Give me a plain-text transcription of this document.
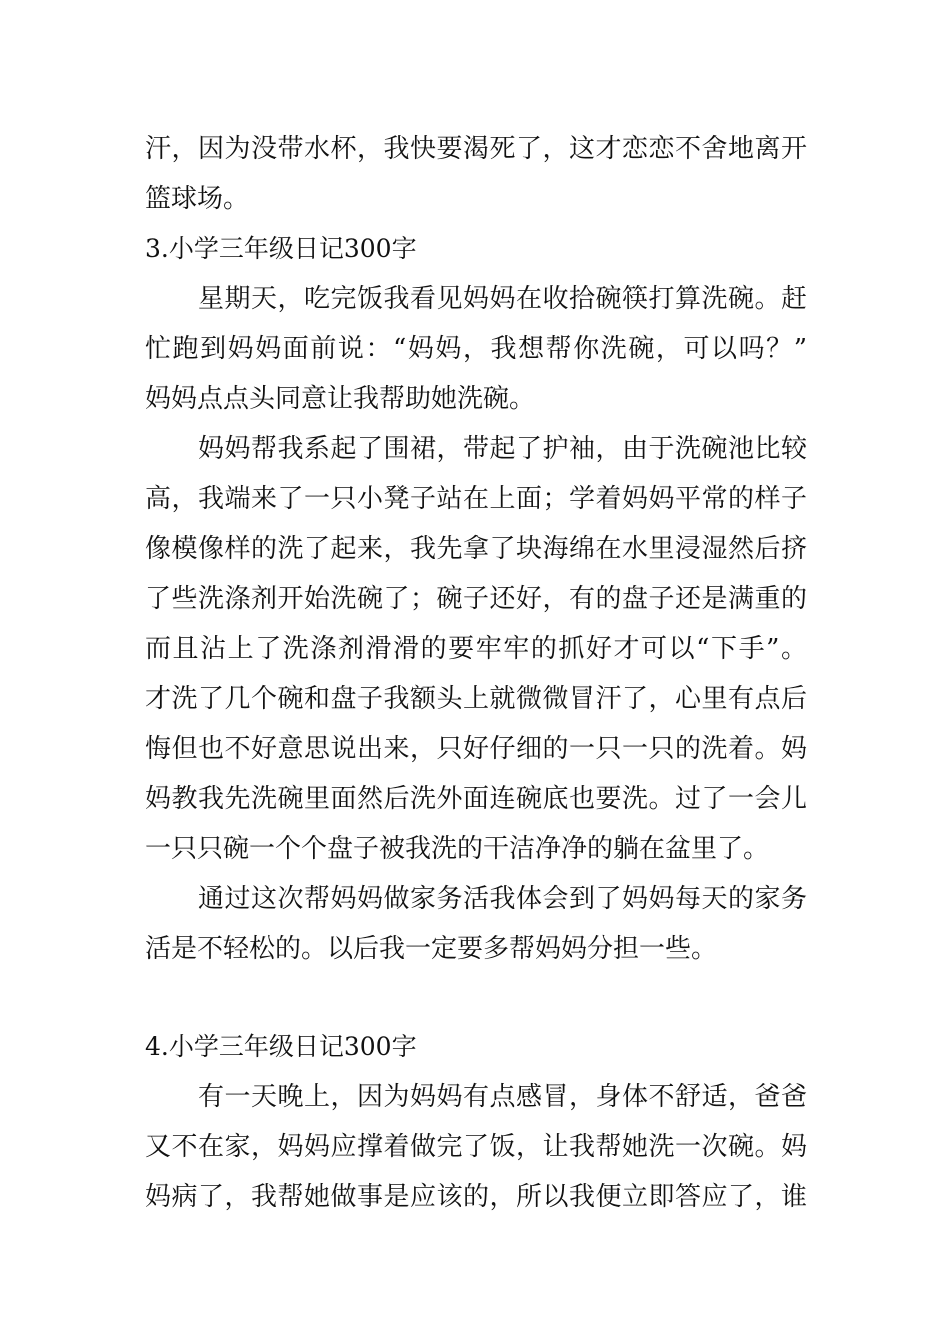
汗，因为没带水杯，我快要渴死了，这才恋恋不舍地离开
篮球场。
3.小学三年级日记300字
星期天，吃完饭我看见妈妈在收拾碗筷打算洗碗。赶
忙跑到妈妈面前说：“妈妈，我想帮你洗碗，可以吗？”
妈妈点点头同意让我帮助她洗碗。
妈妈帮我系起了围裙，带起了护袖，由于洗碗池比较
高，我端来了一只小凳子站在上面；学着妈妈平常的样子
像模像样的洗了起来，我先拿了块海绵在水里浸湿然后挤
了些洗涤剂开始洗碗了；碗子还好，有的盘子还是满重的
而且沾上了洗涤剂滑滑的要牢牢的抓好才可以“下手”。
才洗了几个碗和盘子我额头上就微微冒汗了，心里有点后
悔但也不好意思说出来，只好仔细的一只一只的洗着。妈
妈教我先洗碗里面然后洗外面连碗底也要洗。过了一会儿
一只只碗一个个盘子被我洗的干洁净净的躺在盆里了。
通过这次帮妈妈做家务活我体会到了妈妈每天的家务
活是不轻松的。以后我一定要多帮妈妈分担一些。
4.小学三年级日记300字
有一天晚上，因为妈妈有点感冒，身体不舒适，爸爸
又不在家，妈妈应撑着做完了饭，让我帮她洗一次碗。妈
妈病了，我帮她做事是应该的，所以我便立即答应了，谁
